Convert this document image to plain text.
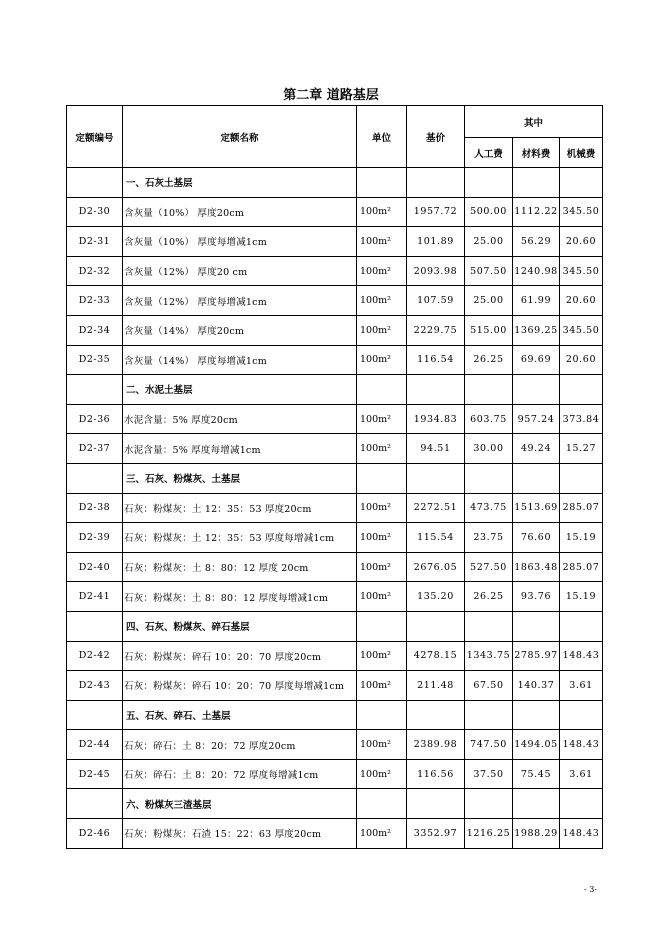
第二章 道路基层
定额编号	定额名称	单位	基价	其中		
				人工费	材料费	机械费
	一、石灰土基层					
D2-30	含灰量（10%） 厚度20cm	100m²	1957.72	500.00	1112.22	345.50
D2-31	含灰量（10%） 厚度每增减1cm	100m²	101.89	25.00	56.29	20.60
D2-32	含灰量（12%） 厚度20 cm	100m²	2093.98	507.50	1240.98	345.50
D2-33	含灰量（12%） 厚度每增减1cm	100m²	107.59	25.00	61.99	20.60
D2-34	含灰量（14%） 厚度20cm	100m²	2229.75	515.00	1369.25	345.50
D2-35	含灰量（14%） 厚度每增减1cm	100m²	116.54	26.25	69.69	20.60
	二、水泥土基层					
D2-36	水泥含量：5% 厚度20cm	100m²	1934.83	603.75	957.24	373.84
D2-37	水泥含量：5% 厚度每增减1cm	100m²	94.51	30.00	49.24	15.27
	三、石灰、粉煤灰、土基层					
D2-38	石灰：粉煤灰：土 12：35：53 厚度20cm	100m²	2272.51	473.75	1513.69	285.07
D2-39	石灰：粉煤灰：土 12：35：53 厚度每增减1cm	100m²	115.54	23.75	76.60	15.19
D2-40	石灰：粉煤灰：土 8：80：12 厚度 20cm	100m²	2676.05	527.50	1863.48	285.07
D2-41	石灰：粉煤灰：土 8：80：12 厚度每增减1cm	100m²	135.20	26.25	93.76	15.19
	四、石灰、粉煤灰、碎石基层					
D2-42	石灰：粉煤灰：碎石 10：20：70 厚度20cm	100m²	4278.15	1343.75	2785.97	148.43
D2-43	石灰：粉煤灰：碎石 10：20：70 厚度每增减1cm	100m²	211.48	67.50	140.37	3.61
	五、石灰、碎石、土基层					
D2-44	石灰：碎石：土 8：20：72 厚度20cm	100m²	2389.98	747.50	1494.05	148.43
D2-45	石灰：碎石：土 8：20：72 厚度每增减1cm	100m²	116.56	37.50	75.45	3.61
	六、粉煤灰三渣基层					
D2-46	石灰：粉煤灰：石渣 15：22：63 厚度20cm	100m²	3352.97	1216.25	1988.29	148.43
- 3-
